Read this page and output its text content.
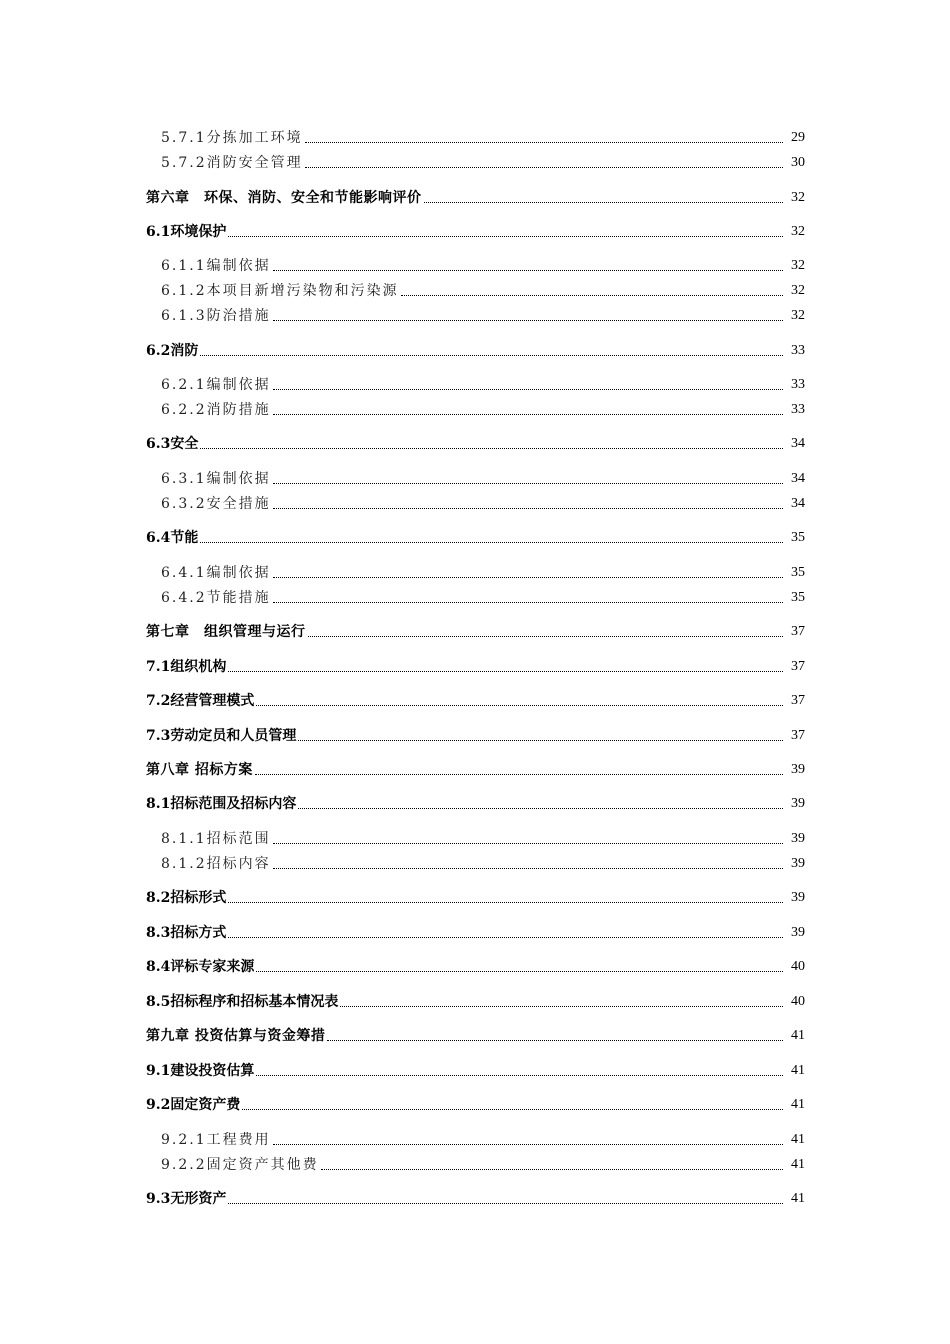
5.7.1分拣加工环境	29
5.7.2消防安全管理	30
第六章　环保、消防、安全和节能影响评价	32
6.1环境保护	32
6.1.1编制依据	32
6.1.2本项目新增污染物和污染源	32
6.1.3防治措施	32
6.2消防	33
6.2.1编制依据	33
6.2.2消防措施	33
6.3安全	34
6.3.1编制依据	34
6.3.2安全措施	34
6.4节能	35
6.4.1编制依据	35
6.4.2节能措施	35
第七章　组织管理与运行	37
7.1组织机构	37
7.2经营管理模式	37
7.3劳动定员和人员管理	37
第八章 招标方案	39
8.1招标范围及招标内容	39
8.1.1招标范围	39
8.1.2招标内容	39
8.2招标形式	39
8.3招标方式	39
8.4评标专家来源	40
8.5招标程序和招标基本情况表	40
第九章 投资估算与资金筹措	41
9.1建设投资估算	41
9.2固定资产费	41
9.2.1工程费用	41
9.2.2固定资产其他费	41
9.3无形资产	41
